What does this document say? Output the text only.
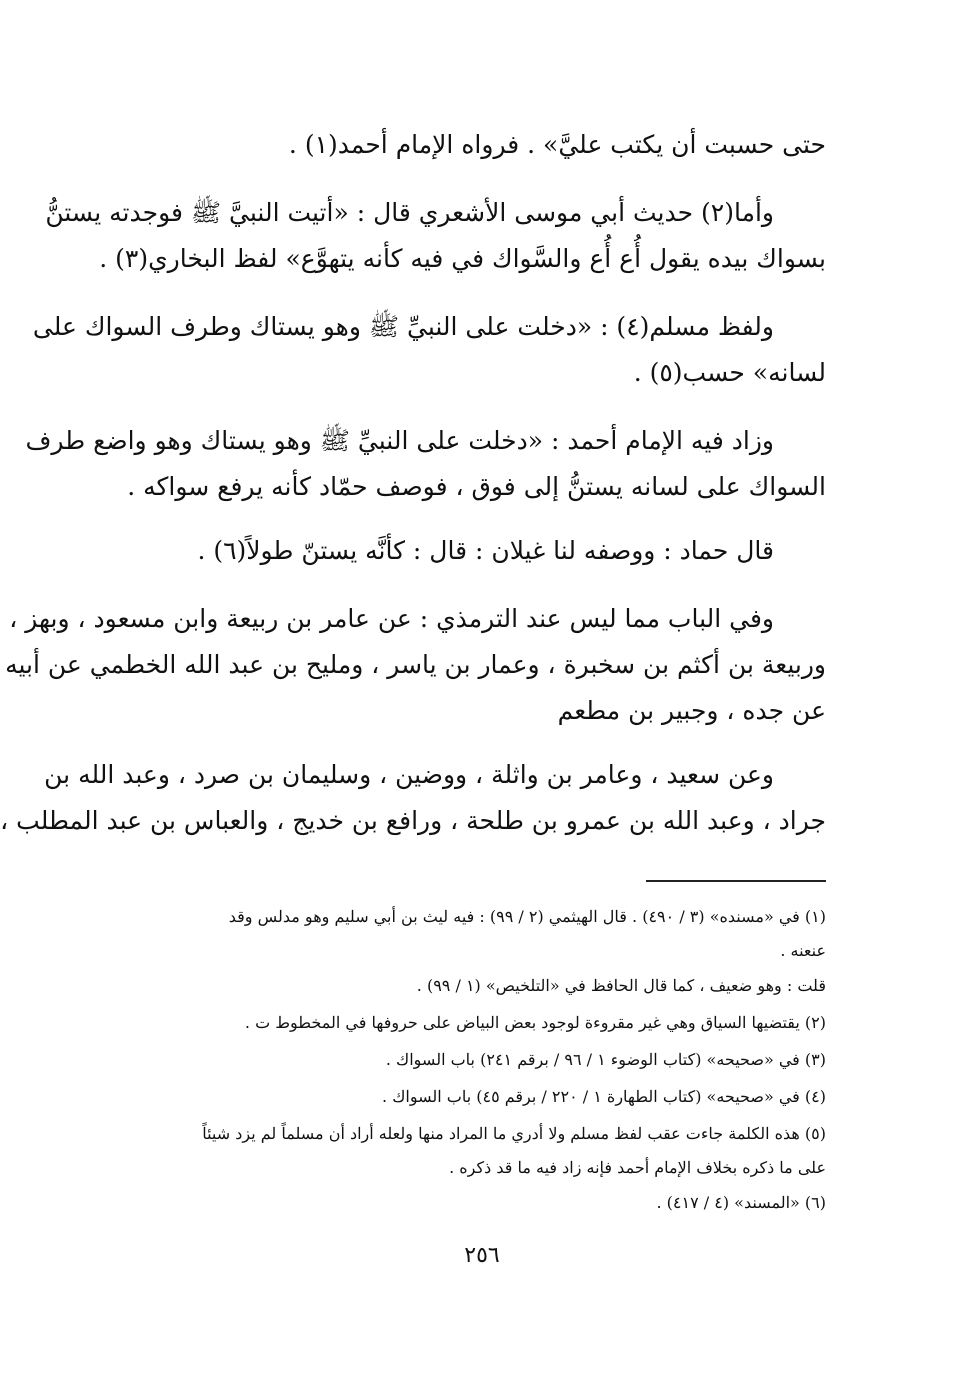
حتى حسبت أن يكتب عليَّ» . فرواه الإمام أحمد(١) .
وأما(٢) حديث أبي موسى الأشعري قال : «أتيت النبيَّ ﷺ فوجدته يستنُّ
بسواك بيده يقول أُع أُع والسَّواك في فيه كأنه يتهوَّع» لفظ البخاري(٣) .
ولفظ مسلم(٤) : «دخلت على النبيِّ ﷺ وهو يستاك وطرف السواك على
لسانه» حسب(٥) .
وزاد فيه الإمام أحمد : «دخلت على النبيِّ ﷺ وهو يستاك وهو واضع طرف
السواك على لسانه يستنُّ إلى فوق ، فوصف حمّاد كأنه يرفع سواكه .
قال حماد : ووصفه لنا غيلان : قال : كأنَّه يستنّ طولاً(٦) .
وفي الباب مما ليس عند الترمذي : عن عامر بن ربيعة وابن مسعود ، وبهز ،
وربيعة بن أكثم بن سخبرة ، وعمار بن ياسر ، ومليح بن عبد الله الخطمي عن أبيه
عن جده ، وجبير بن مطعم
وعن سعيد ، وعامر بن واثلة ، ووضين ، وسليمان بن صرد ، وعبد الله بن
جراد ، وعبد الله بن عمرو بن طلحة ، ورافع بن خديج ، والعباس بن عبد المطلب ،
(١) في «مسنده» (٣ / ٤٩٠) . قال الهيثمي (٢ / ٩٩) : فيه ليث بن أبي سليم وهو مدلس وقد
عنعنه .
قلت : وهو ضعيف ، كما قال الحافظ في «التلخيص» (١ / ٩٩) .
(٢) يقتضيها السياق وهي غير مقروءة لوجود بعض البياض على حروفها في المخطوط ت .
(٣) في «صحيحه» (كتاب الوضوء ١ / ٩٦ / برقم ٢٤١) باب السواك .
(٤) في «صحيحه» (كتاب الطهارة ١ / ٢٢٠ / برقم ٤٥) باب السواك .
(٥) هذه الكلمة جاءت عقب لفظ مسلم ولا أدري ما المراد منها ولعله أراد أن مسلماً لم يزد شيئاً
على ما ذكره بخلاف الإمام أحمد فإنه زاد فيه ما قد ذكره .
(٦) «المسند» (٤ / ٤١٧) .
٢٥٦
